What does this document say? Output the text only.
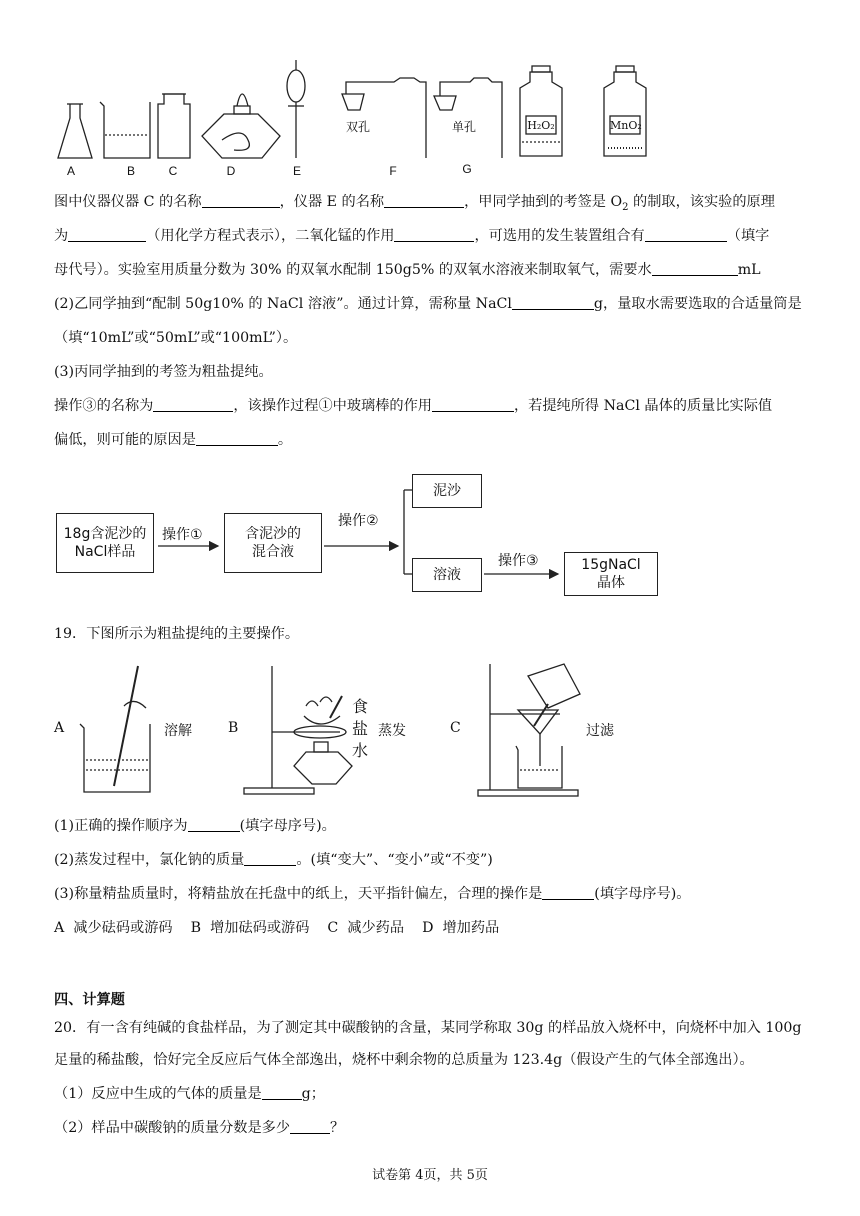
A	B	C	D	E	F	G
双孔	单孔	H₂O₂	MnO₂
图中仪器仪器 C 的名称	，仪器 E 的名称	，甲同学抽到的考签是 $O_2$ 的制取，该实验的原理
为	（用化学方程式表示），二氧化锰的作用	，可选用的发生装置组合有	（填字
母代号）。实验室用质量分数为 30% 的双氧水配制 150g5% 的双氧水溶液来制取氧气，需要水	mL
(2)乙同学抽到“配制 50g10% 的 NaCl 溶液”。通过计算，需称量 NaCl	g，量取水需要选取的合适量筒是
（填“10mL”或“50mL”或“100mL”）。
(3)丙同学抽到的考签为粗盐提纯。
操作③的名称为	，该操作过程①中玻璃棒的作用	，若提纯所得 NaCl 晶体的质量比实际值
偏低，则可能的原因是	。
18g含泥沙的
NaCl样品
操作①	含泥沙的
混合液
操作②
泥沙
溶液
操作③	15gNaCl
晶体
19．下图所示为粗盐提纯的主要操作。
A	溶解	B
食
盐
水
蒸发	C	过滤
(1)正确的操作顺序为	(填字母序号)。
(2)蒸发过程中，氯化钠的质量	。(填“变大”、“变小”或“不变”)
(3)称量精盐质量时，将精盐放在托盘中的纸上，天平指针偏左，合理的操作是	(填字母序号)。
A  减少砝码或游码    B  增加砝码或游码    C  减少药品    D  增加药品
四、计算题
20．有一含有纯碱的食盐样品，为了测定其中碳酸钠的含量，某同学称取 30g 的样品放入烧杯中，向烧杯中加入 100g
足量的稀盐酸，恰好完全反应后气体全部逸出，烧杯中剩余物的总质量为 123.4g（假设产生的气体全部逸出）。
（1）反应中生成的气体的质量是	g；
（2）样品中碳酸钠的质量分数是多少	？
试卷第 4页，共 5页
